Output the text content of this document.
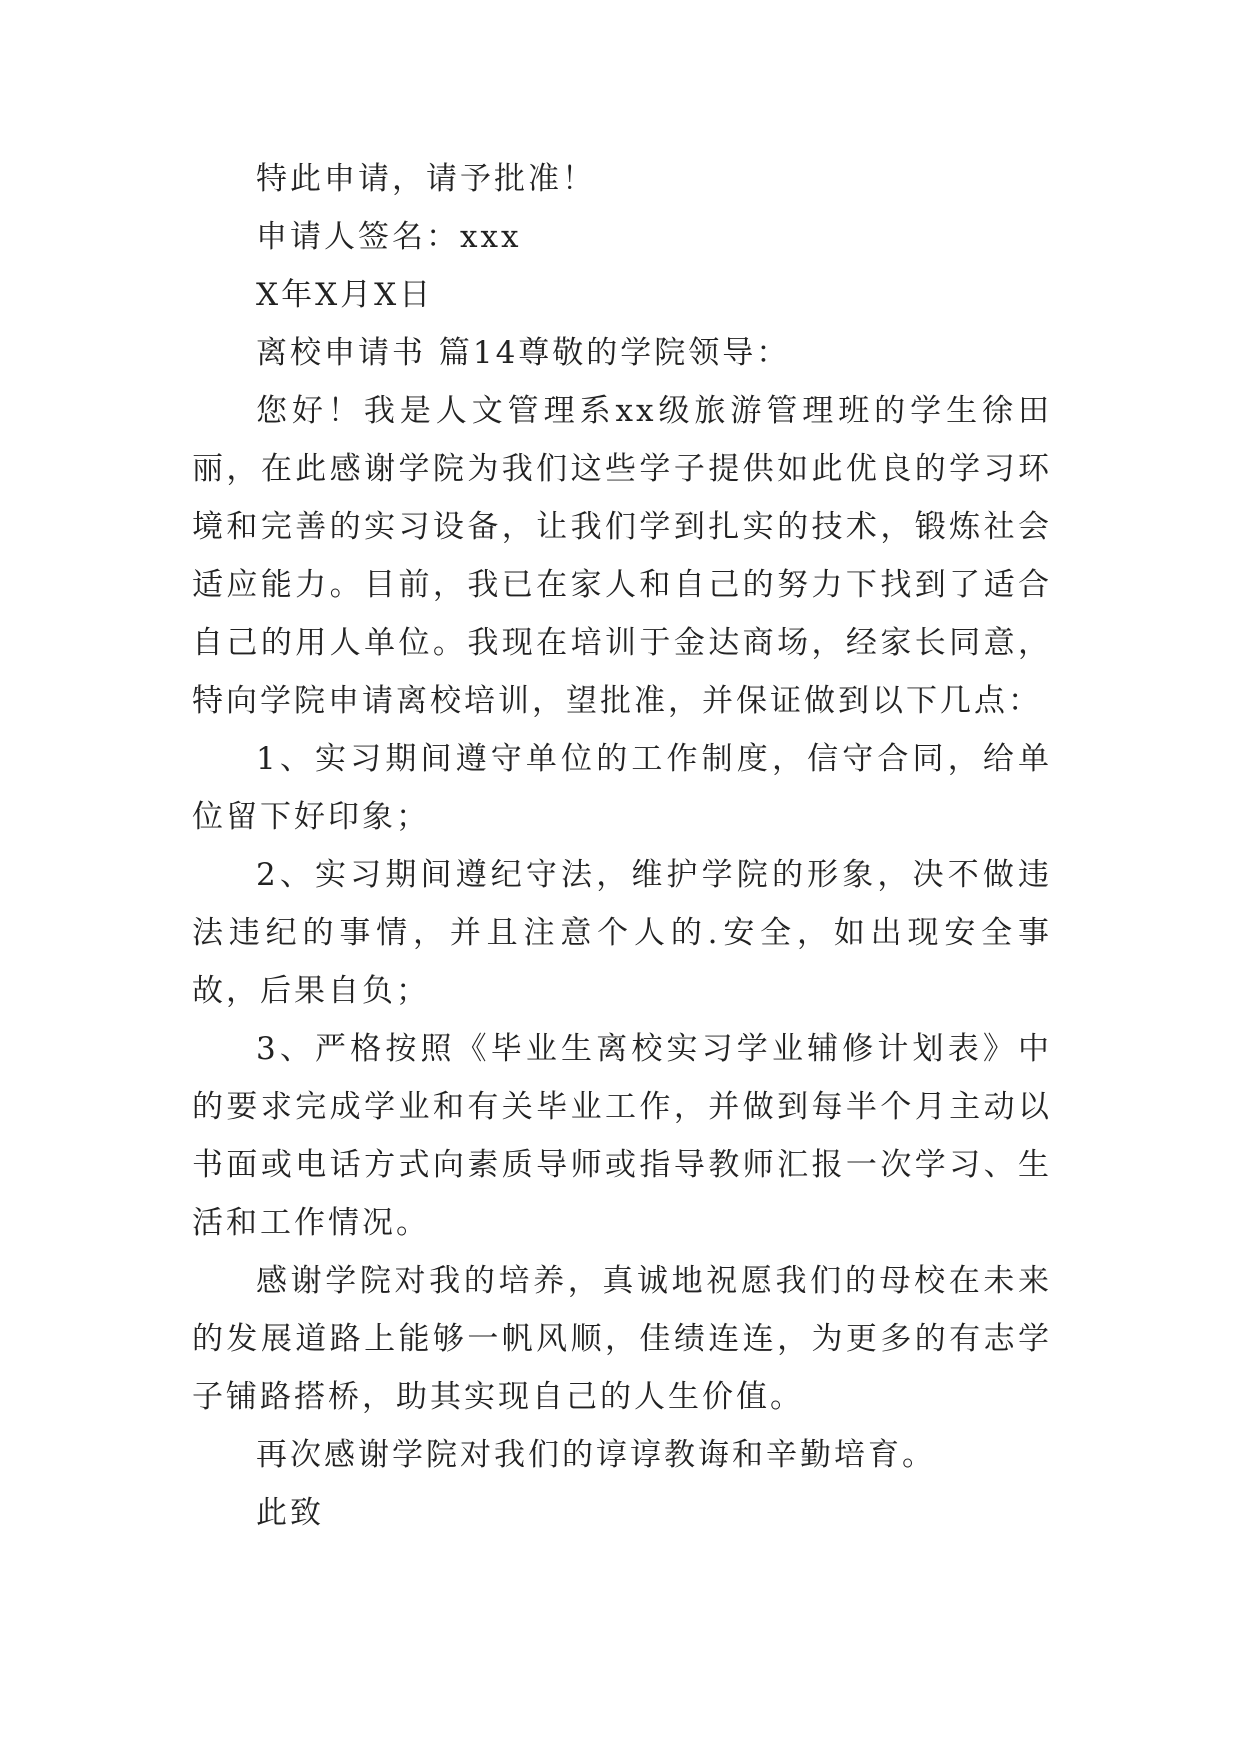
特此申请，请予批准！

申请人签名：xxx

X年X月X日

离校申请书 篇14尊敬的学院领导：

您好！我是人文管理系xx级旅游管理班的学生徐田丽，在此感谢学院为我们这些学子提供如此优良的学习环境和完善的实习设备，让我们学到扎实的技术，锻炼社会适应能力。目前，我已在家人和自己的努力下找到了适合自己的用人单位。我现在培训于金达商场，经家长同意，特向学院申请离校培训，望批准，并保证做到以下几点：

1、实习期间遵守单位的工作制度，信守合同，给单位留下好印象；

2、实习期间遵纪守法，维护学院的形象，决不做违法违纪的事情，并且注意个人的.安全，如出现安全事故，后果自负；

3、严格按照《毕业生离校实习学业辅修计划表》中的要求完成学业和有关毕业工作，并做到每半个月主动以书面或电话方式向素质导师或指导教师汇报一次学习、生活和工作情况。

感谢学院对我的培养，真诚地祝愿我们的母校在未来的发展道路上能够一帆风顺，佳绩连连，为更多的有志学子铺路搭桥，助其实现自己的人生价值。

再次感谢学院对我们的谆谆教诲和辛勤培育。

此致
